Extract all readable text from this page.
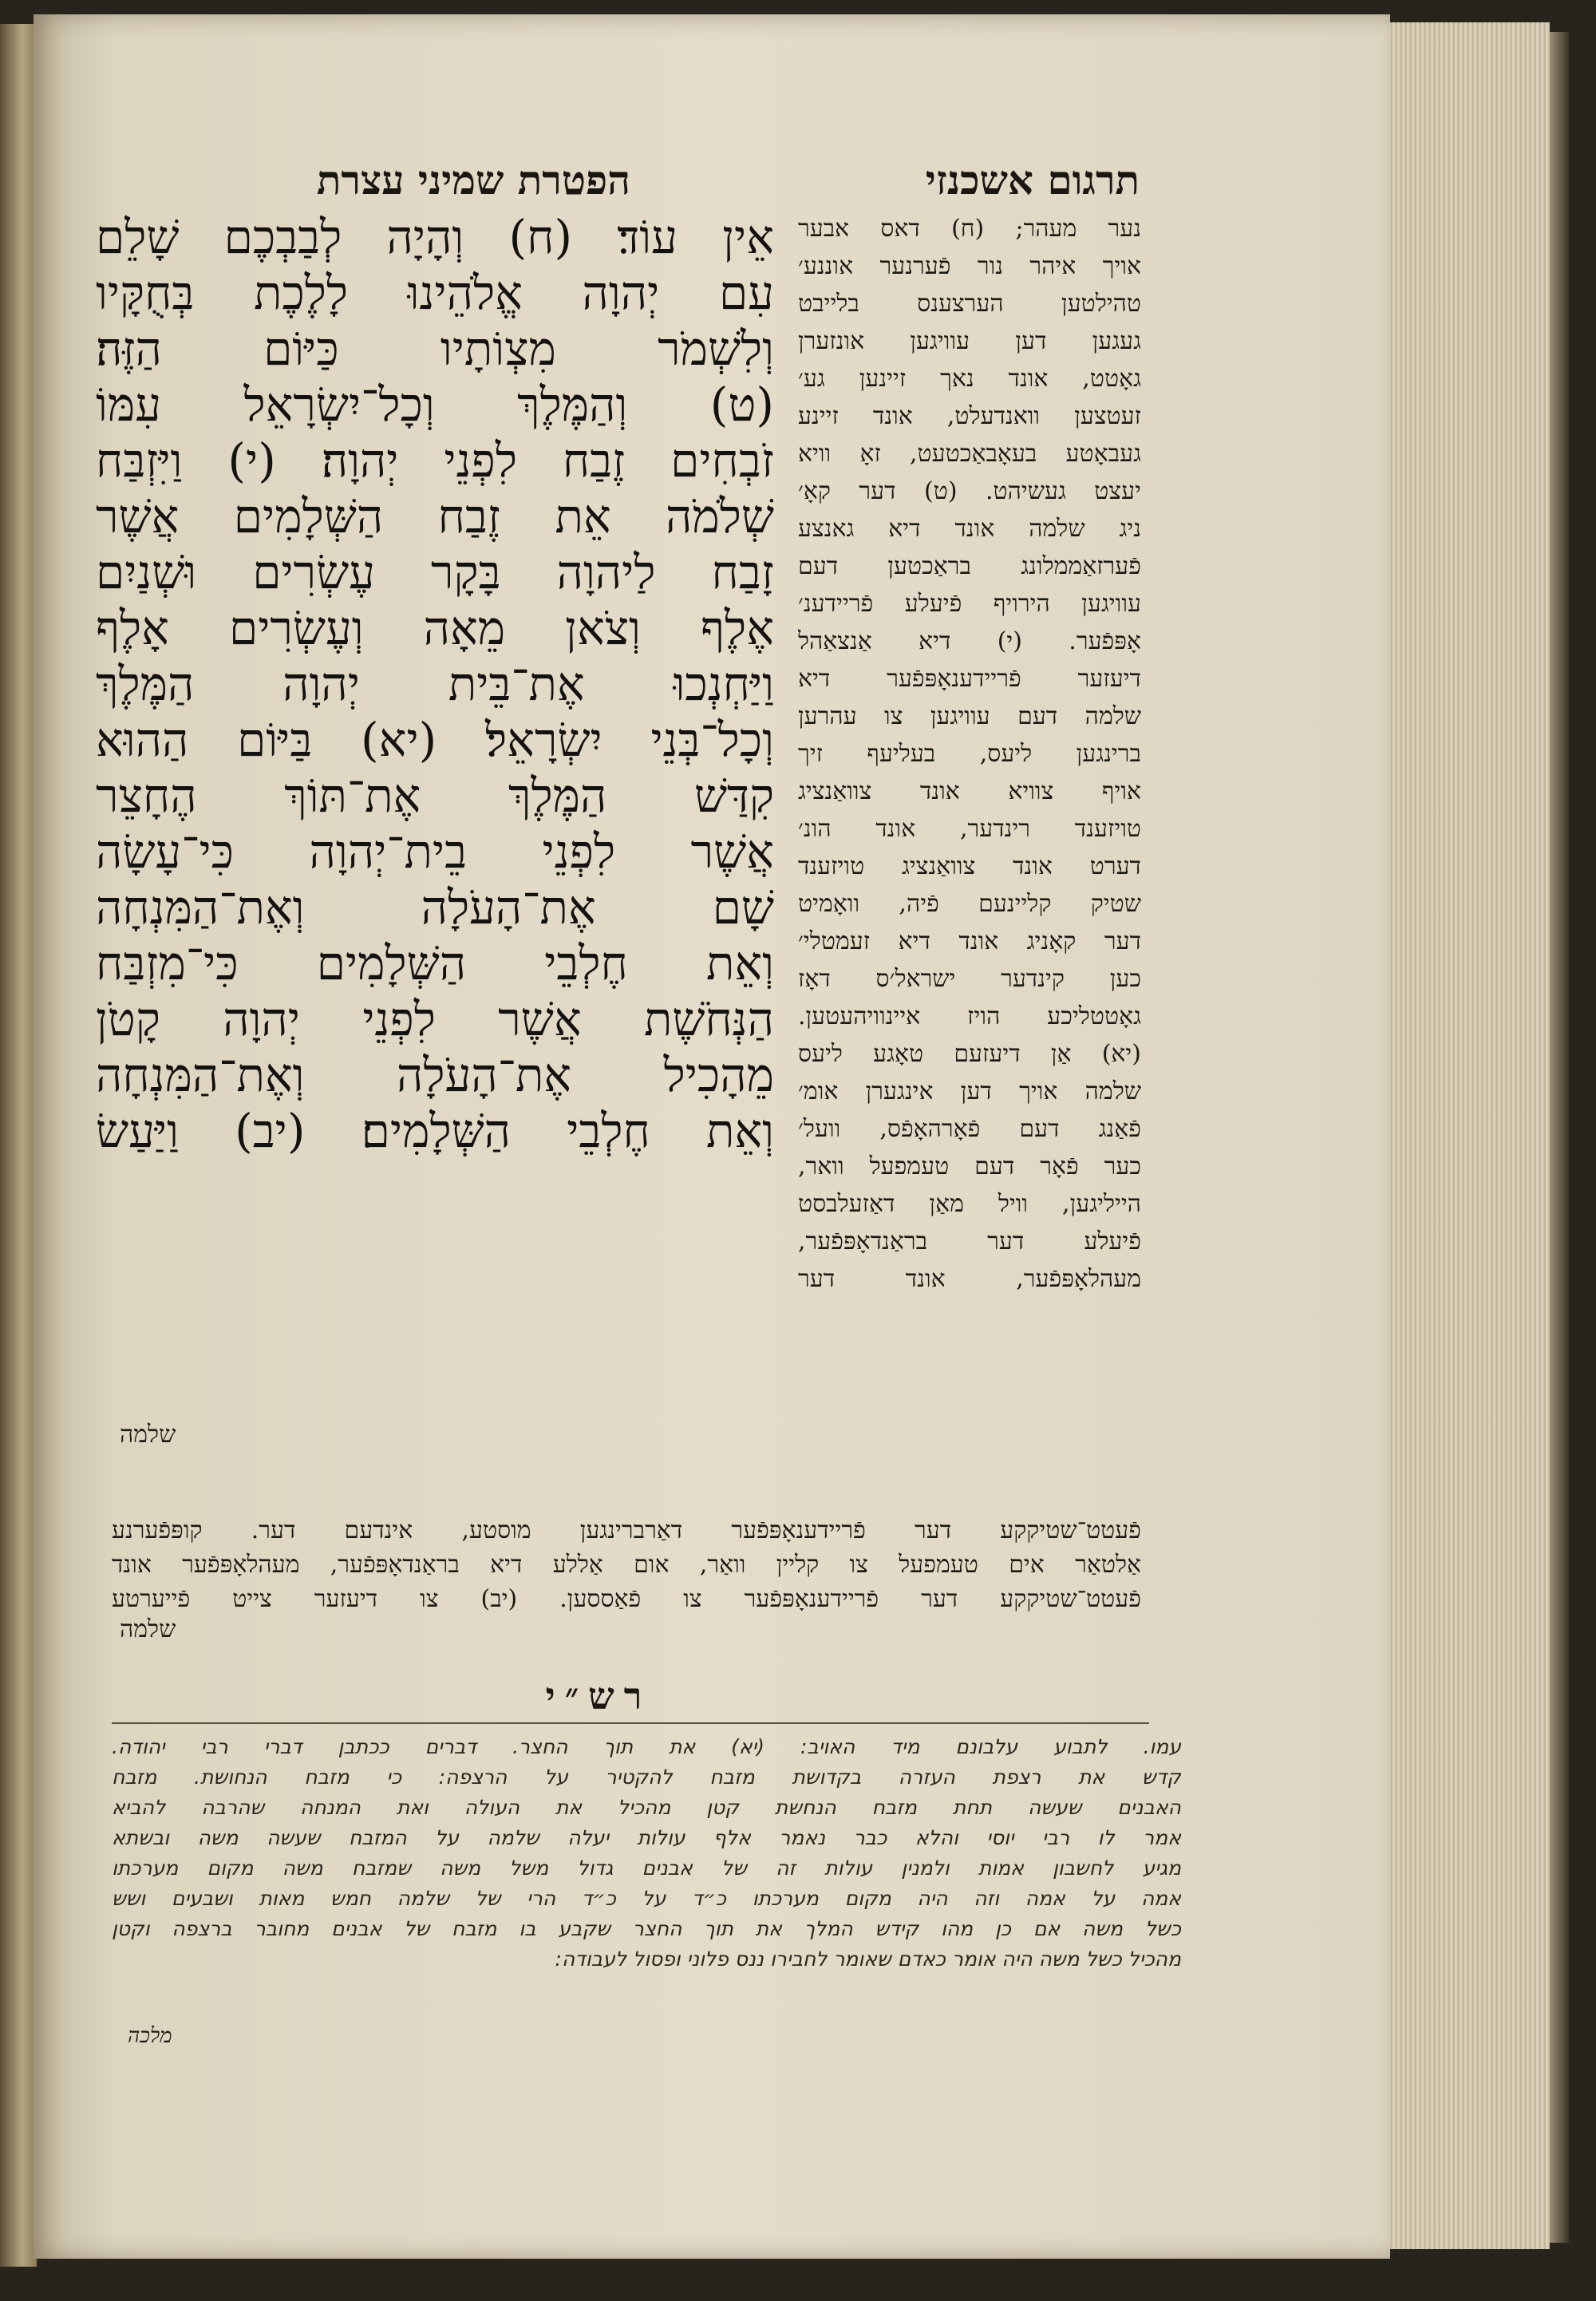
הפטרת שמיני עצרת	תרגום אשכנזי
אֵין עוֹד׃ (ח) וְהָיָה לְבַבְכֶם שָׁלֵם
עִם יְהוָה אֱלֹהֵינוּ לָלֶכֶת בְּחֻקָּיו
וְלִשְׁמֹר מִצְוֹתָיו כַּיּוֹם הַזֶּה׃
(ט) וְהַמֶּלֶךְ וְכָל־יִשְׂרָאֵל עִמּוֹ
זֹבְחִים זֶבַח לִפְנֵי יְהוָה׃ (י) וַיִּזְבַּח
שְׁלֹמֹה אֵת זֶבַח הַשְּׁלָמִים אֲשֶׁר
זָבַח לַיהוָה בָּקָר עֶשְׂרִים וּשְׁנַיִם
אֶלֶף וְצֹאן מֵאָה וְעֶשְׂרִים אָלֶף
וַיַּחְנְכוּ אֶת־בֵּית יְהוָה הַמֶּלֶךְ
וְכָל־בְּנֵי יִשְׂרָאֵל׃ (יא) בַּיּוֹם הַהוּא
קִדַּשׁ הַמֶּלֶךְ אֶת־תּוֹךְ הֶחָצֵר
אֲשֶׁר לִפְנֵי בֵית־יְהוָה כִּי־עָשָׂה
שָׁם אֶת־הָעֹלָה וְאֶת־הַמִּנְחָה
וְאֵת חֶלְבֵי הַשְּׁלָמִים כִּי־מִזְבַּח
הַנְּחֹשֶׁת אֲשֶׁר לִפְנֵי יְהוָה קָטֹן
מֵהָכִיל אֶת־הָעֹלָה וְאֶת־הַמִּנְחָה
וְאֵת חֶלְבֵי הַשְּׁלָמִים׃ (יב) וַיַּעַשׂ
שלמה
נער מעהר; (ח) דאס אבער
אויך איהר נור פֿערנער אוננע׳
טהילטען הערצענס בלייבט
געגען דען עוויגען אונזערן
גאָטט, אונד נאך זיינען גע׳
זעטצען וואנדעלט, אונד זיינע
געבאָטע בעאָבאַכטעט, זאָ וויא
יעצט געשיהט. (ט) דער קאָ׳
ניג שלמה אונד דיא גאנצע
פֿערזאַממלונג בראַכטען דעם
עוויגען הירויף פֿיעלע פֿריידענ׳
אָפּפֿער. (י) דיא אַנצאַהל
דיעזער פֿריידענאָפּפֿער דיא
שלמה דעם עוויגען צו עהרען
ברינגען ליעס, בעליעף זיך
אויף צוויא אונד צוואַנציג
טויזענד רינדער, אונד הונ׳
דערט אונד צוואַנציג טויזענד
שטיק קליינעם פֿיה, וואָמיט
דער קאָניג אונד דיא זעמטלי׳
כען קינדער ישראל׳ס דאָז
גאָטטליכע הויז איינוויהעטען.
(יא) אַן דיעזעם טאָגע ליעס
שלמה אויך דען אינגערן אומ׳
פֿאַנג דעם פֿאָרהאָפֿס, וועל׳
כער פֿאָר דעם טעמפעל וואר,
הייליגען, וויל מאַן דאַזעלבסט
פֿיעלע דער בראַנדאָפּפֿער,
מעהלאָפּפֿער, אונד דער
פֿעטט־שטיקקע דער פֿריידענאָפּפֿער דאַרברינגען מוסטע, אינדעם דער. קופּפֿערנע
אַלטאַר אים טעמפעל צו קליין וואַר, אום אַללע דיא בראַנדאָפּפֿער, מעהלאָפּפֿער אונד
פֿעטט־שטיקקע דער פֿריידענאָפּפֿער צו פֿאַססען. (יב) צו דיעזער צייט פֿייערטע
שלמה
רש״י
עמו. לתבוע עלבונם מיד האויב: (יא) את תוך החצר. דברים ככתבן דברי רבי יהודה.
קדש את רצפת העזרה בקדושת מזבח להקטיר על הרצפה: כי מזבח הנחושת. מזבח
האבנים שעשה תחת מזבח הנחשת קטן מהכיל את העולה ואת המנחה שהרבה להביא
אמר לו רבי יוסי והלא כבר נאמר אלף עולות יעלה שלמה על המזבח שעשה משה ובשתא
מגיע לחשבון אמות ולמנין עולות זה של אבנים גדול משל משה שמזבח משה מקום מערכתו
אמה על אמה וזה היה מקום מערכתו כ״ד על כ״ד הרי של שלמה חמש מאות ושבעים ושש
כשל משה אם כן מהו קידש המלך את תוך החצר שקבע בו מזבח של אבנים מחובר ברצפה וקטן
מהכיל כשל משה היה אומר כאדם שאומר לחבירו ננס פלוני ופסול לעבודה:
מלכה
